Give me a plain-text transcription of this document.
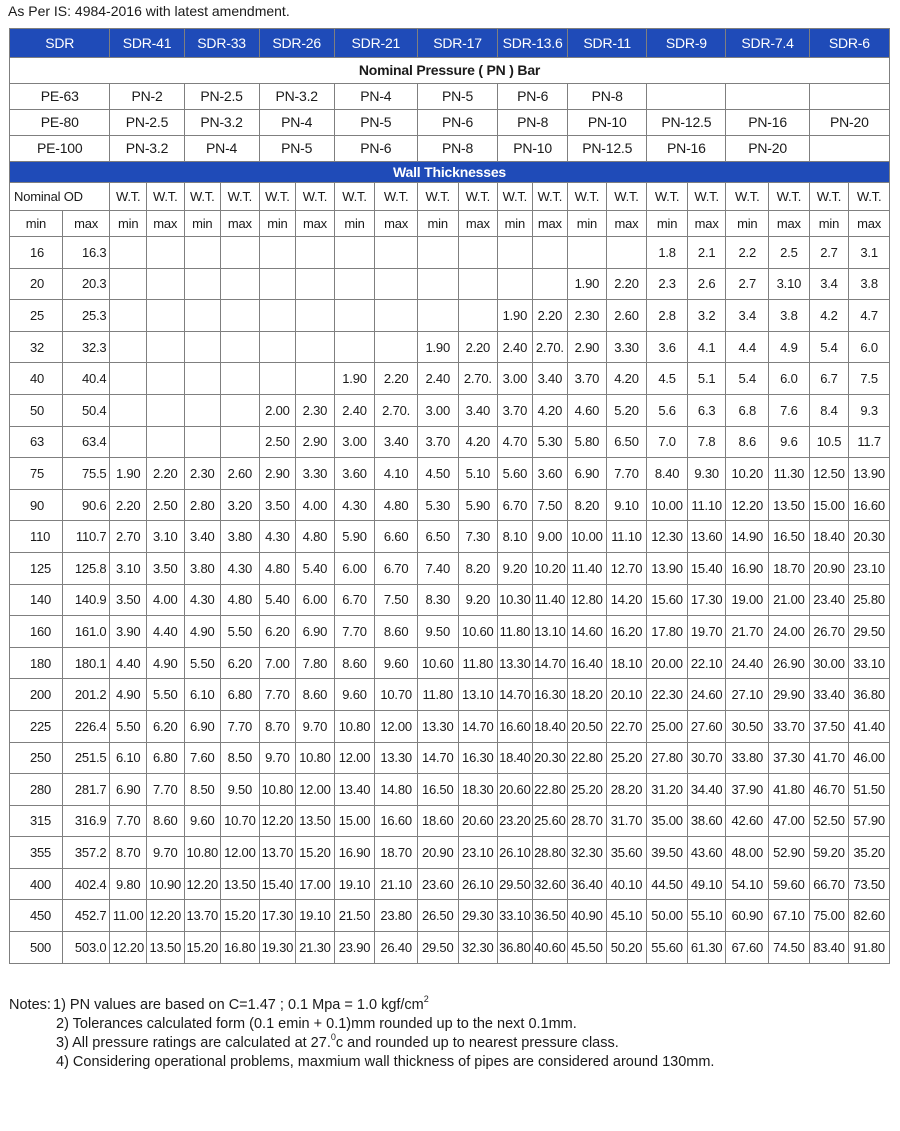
As Per IS: 4984-2016 with latest amendment.
SDR		SDR-41		SDR-33		SDR-26		SDR-21		SDR-17		SDR-13.6		SDR-11		SDR-9		SDR-7.4		SDR-6	
Nominal Pressure ( PN ) Bar																					
PE-63		PN-2		PN-2.5		PN-3.2		PN-4		PN-5		PN-6		PN-8							
PE-80		PN-2.5		PN-3.2		PN-4		PN-5		PN-6		PN-8		PN-10		PN-12.5		PN-16		PN-20	
PE-100		PN-3.2		PN-4		PN-5		PN-6		PN-8		PN-10		PN-12.5		PN-16		PN-20			
Wall Thicknesses																					
Nominal OD		W.T.	W.T.	W.T.	W.T.	W.T.	W.T.	W.T.	W.T.	W.T.	W.T.	W.T.	W.T.	W.T.	W.T.	W.T.	W.T.	W.T.	W.T.	W.T.	W.T.
min	max	min	max	min	max	min	max	min	max	min	max	min	max	min	max	min	max	min	max	min	max
16	16.3															1.8	2.1	2.2	2.5	2.7	3.1
20	20.3													1.90	2.20	2.3	2.6	2.7	3.10	3.4	3.8
25	25.3											1.90	2.20	2.30	2.60	2.8	3.2	3.4	3.8	4.2	4.7
32	32.3									1.90	2.20	2.40	2.70.	2.90	3.30	3.6	4.1	4.4	4.9	5.4	6.0
40	40.4							1.90	2.20	2.40	2.70.	3.00	3.40	3.70	4.20	4.5	5.1	5.4	6.0	6.7	7.5
50	50.4					2.00	2.30	2.40	2.70.	3.00	3.40	3.70	4.20	4.60	5.20	5.6	6.3	6.8	7.6	8.4	9.3
63	63.4					2.50	2.90	3.00	3.40	3.70	4.20	4.70	5.30	5.80	6.50	7.0	7.8	8.6	9.6	10.5	11.7
75	75.5	1.90	2.20	2.30	2.60	2.90	3.30	3.60	4.10	4.50	5.10	5.60	3.60	6.90	7.70	8.40	9.30	10.20	11.30	12.50	13.90
90	90.6	2.20	2.50	2.80	3.20	3.50	4.00	4.30	4.80	5.30	5.90	6.70	7.50	8.20	9.10	10.00	11.10	12.20	13.50	15.00	16.60
110	110.7	2.70	3.10	3.40	3.80	4.30	4.80	5.90	6.60	6.50	7.30	8.10	9.00	10.00	11.10	12.30	13.60	14.90	16.50	18.40	20.30
125	125.8	3.10	3.50	3.80	4.30	4.80	5.40	6.00	6.70	7.40	8.20	9.20	10.20	11.40	12.70	13.90	15.40	16.90	18.70	20.90	23.10
140	140.9	3.50	4.00	4.30	4.80	5.40	6.00	6.70	7.50	8.30	9.20	10.30	11.40	12.80	14.20	15.60	17.30	19.00	21.00	23.40	25.80
160	161.0	3.90	4.40	4.90	5.50	6.20	6.90	7.70	8.60	9.50	10.60	11.80	13.10	14.60	16.20	17.80	19.70	21.70	24.00	26.70	29.50
180	180.1	4.40	4.90	5.50	6.20	7.00	7.80	8.60	9.60	10.60	11.80	13.30	14.70	16.40	18.10	20.00	22.10	24.40	26.90	30.00	33.10
200	201.2	4.90	5.50	6.10	6.80	7.70	8.60	9.60	10.70	11.80	13.10	14.70	16.30	18.20	20.10	22.30	24.60	27.10	29.90	33.40	36.80
225	226.4	5.50	6.20	6.90	7.70	8.70	9.70	10.80	12.00	13.30	14.70	16.60	18.40	20.50	22.70	25.00	27.60	30.50	33.70	37.50	41.40
250	251.5	6.10	6.80	7.60	8.50	9.70	10.80	12.00	13.30	14.70	16.30	18.40	20.30	22.80	25.20	27.80	30.70	33.80	37.30	41.70	46.00
280	281.7	6.90	7.70	8.50	9.50	10.80	12.00	13.40	14.80	16.50	18.30	20.60	22.80	25.20	28.20	31.20	34.40	37.90	41.80	46.70	51.50
315	316.9	7.70	8.60	9.60	10.70	12.20	13.50	15.00	16.60	18.60	20.60	23.20	25.60	28.70	31.70	35.00	38.60	42.60	47.00	52.50	57.90
355	357.2	8.70	9.70	10.80	12.00	13.70	15.20	16.90	18.70	20.90	23.10	26.10	28.80	32.30	35.60	39.50	43.60	48.00	52.90	59.20	35.20
400	402.4	9.80	10.90	12.20	13.50	15.40	17.00	19.10	21.10	23.60	26.10	29.50	32.60	36.40	40.10	44.50	49.10	54.10	59.60	66.70	73.50
450	452.7	11.00	12.20	13.70	15.20	17.30	19.10	21.50	23.80	26.50	29.30	33.10	36.50	40.90	45.10	50.00	55.10	60.90	67.10	75.00	82.60
500	503.0	12.20	13.50	15.20	16.80	19.30	21.30	23.90	26.40	29.50	32.30	36.80	40.60	45.50	50.20	55.60	61.30	67.60	74.50	83.40	91.80
Notes: 1) PN values are based on C=1.47 ; 0.1 Mpa = 1.0 kgf/$cm^2$
2) Tolerances calculated form (0.1 emin + 0.1)mm rounded up to the next 0.1mm.
3) All pressure ratings are calculated at 27.$^0$c and rounded up to nearest pressure class.
4) Considering operational problems, maxmium wall thickness of pipes are considered around 130mm.
